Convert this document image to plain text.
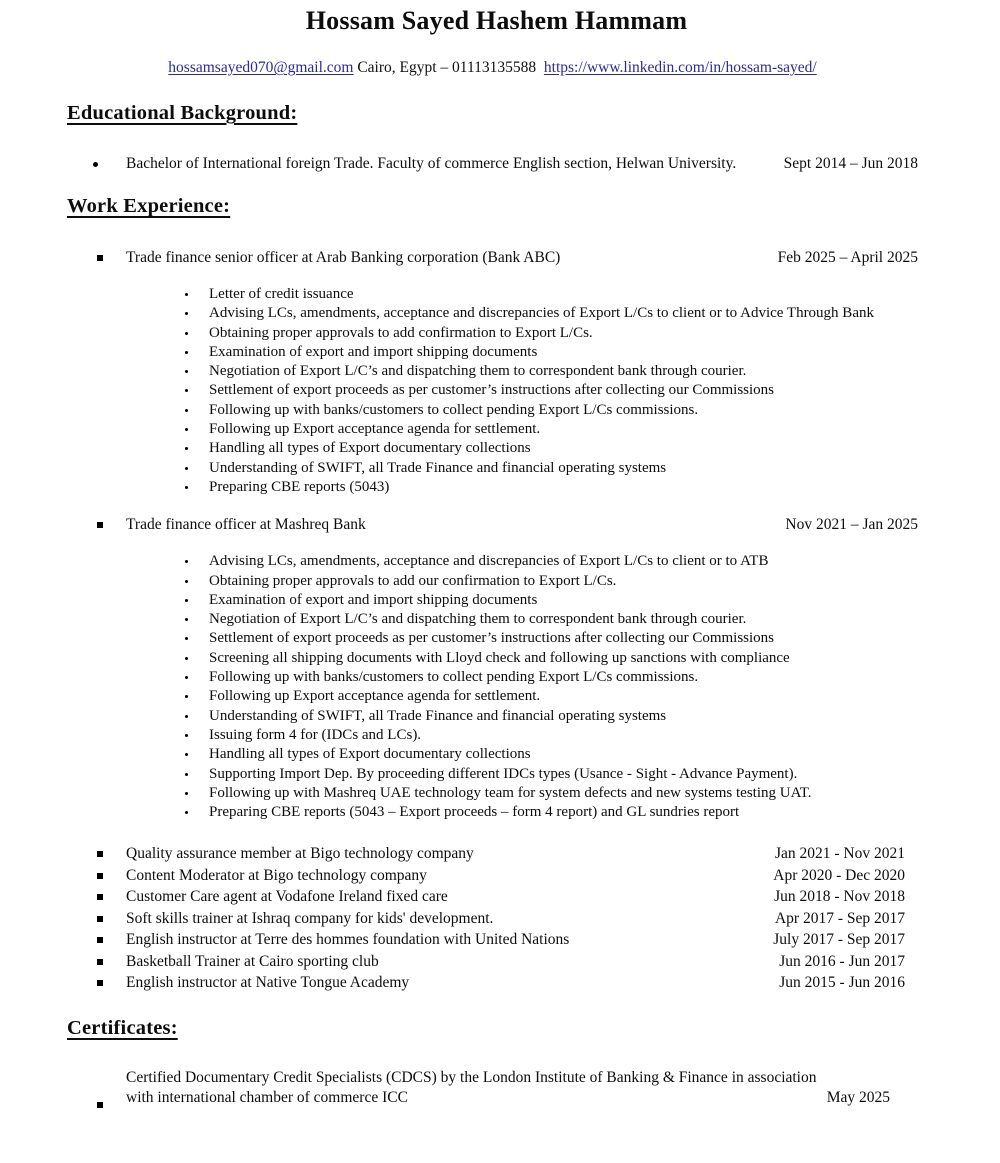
Hossam Sayed Hashem Hammam
hossamsayed070@gmail.com Cairo, Egypt – 01113135588 https://www.linkedin.com/in/hossam-sayed/
Educational Background:
Bachelor of International foreign Trade. Faculty of commerce English section, Helwan University.	Sept 2014 – Jun 2018
Work Experience:
Trade finance senior officer at Arab Banking corporation (Bank ABC)	Feb 2025 – April 2025
Letter of credit issuance
Advising LCs, amendments, acceptance and discrepancies of Export L/Cs to client or to Advice Through Bank
Obtaining proper approvals to add confirmation to Export L/Cs.
Examination of export and import shipping documents
Negotiation of Export L/C’s and dispatching them to correspondent bank through courier.
Settlement of export proceeds as per customer’s instructions after collecting our Commissions
Following up with banks/customers to collect pending Export L/Cs commissions.
Following up Export acceptance agenda for settlement.
Handling all types of Export documentary collections
Understanding of SWIFT, all Trade Finance and financial operating systems
Preparing CBE reports (5043)
Trade finance officer at Mashreq Bank	Nov 2021 – Jan 2025
Advising LCs, amendments, acceptance and discrepancies of Export L/Cs to client or to ATB
Obtaining proper approvals to add our confirmation to Export L/Cs.
Examination of export and import shipping documents
Negotiation of Export L/C’s and dispatching them to correspondent bank through courier.
Settlement of export proceeds as per customer’s instructions after collecting our Commissions
Screening all shipping documents with Lloyd check and following up sanctions with compliance
Following up with banks/customers to collect pending Export L/Cs commissions.
Following up Export acceptance agenda for settlement.
Understanding of SWIFT, all Trade Finance and financial operating systems
Issuing form 4 for (IDCs and LCs).
Handling all types of Export documentary collections
Supporting Import Dep. By proceeding different IDCs types (Usance - Sight - Advance Payment).
Following up with Mashreq UAE technology team for system defects and new systems testing UAT.
Preparing CBE reports (5043 – Export proceeds – form 4 report) and GL sundries report
Quality assurance member at Bigo technology company	Jan 2021 - Nov 2021
Content Moderator at Bigo technology company	Apr 2020 - Dec 2020
Customer Care agent at Vodafone Ireland fixed care	Jun 2018 - Nov 2018
Soft skills trainer at Ishraq company for kids' development.	Apr 2017 - Sep 2017
English instructor at Terre des hommes foundation with United Nations	July 2017 - Sep 2017
Basketball Trainer at Cairo sporting club	Jun 2016 - Jun 2017
English instructor at Native Tongue Academy	Jun 2015 - Jun 2016
Certificates:
Certified Documentary Credit Specialists (CDCS) by the London Institute of Banking & Finance in association with international chamber of commerce ICC	May 2025
